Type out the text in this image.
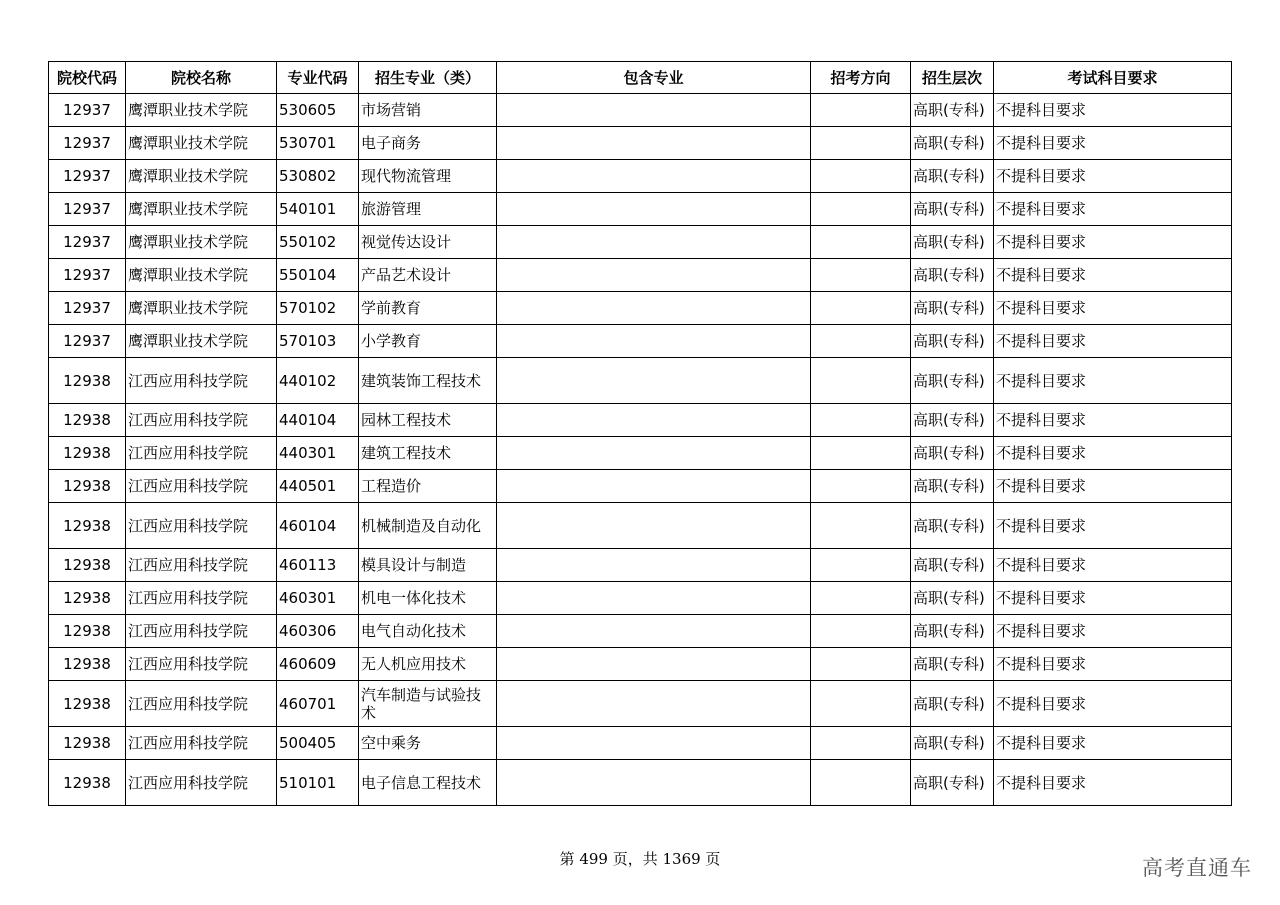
院校代码	院校名称	专业代码	招生专业（类）	包含专业	招考方向	招生层次	考试科目要求
12937	鹰潭职业技术学院	530605	市场营销			高职(专科)	不提科目要求
12937	鹰潭职业技术学院	530701	电子商务			高职(专科)	不提科目要求
12937	鹰潭职业技术学院	530802	现代物流管理			高职(专科)	不提科目要求
12937	鹰潭职业技术学院	540101	旅游管理			高职(专科)	不提科目要求
12937	鹰潭职业技术学院	550102	视觉传达设计			高职(专科)	不提科目要求
12937	鹰潭职业技术学院	550104	产品艺术设计			高职(专科)	不提科目要求
12937	鹰潭职业技术学院	570102	学前教育			高职(专科)	不提科目要求
12937	鹰潭职业技术学院	570103	小学教育			高职(专科)	不提科目要求
12938	江西应用科技学院	440102	建筑装饰工程技术			高职(专科)	不提科目要求
12938	江西应用科技学院	440104	园林工程技术			高职(专科)	不提科目要求
12938	江西应用科技学院	440301	建筑工程技术			高职(专科)	不提科目要求
12938	江西应用科技学院	440501	工程造价			高职(专科)	不提科目要求
12938	江西应用科技学院	460104	机械制造及自动化			高职(专科)	不提科目要求
12938	江西应用科技学院	460113	模具设计与制造			高职(专科)	不提科目要求
12938	江西应用科技学院	460301	机电一体化技术			高职(专科)	不提科目要求
12938	江西应用科技学院	460306	电气自动化技术			高职(专科)	不提科目要求
12938	江西应用科技学院	460609	无人机应用技术			高职(专科)	不提科目要求
12938	江西应用科技学院	460701	汽车制造与试验技术			高职(专科)	不提科目要求
12938	江西应用科技学院	500405	空中乘务			高职(专科)	不提科目要求
12938	江西应用科技学院	510101	电子信息工程技术			高职(专科)	不提科目要求
第 499 页，共 1369 页	高考直通车
